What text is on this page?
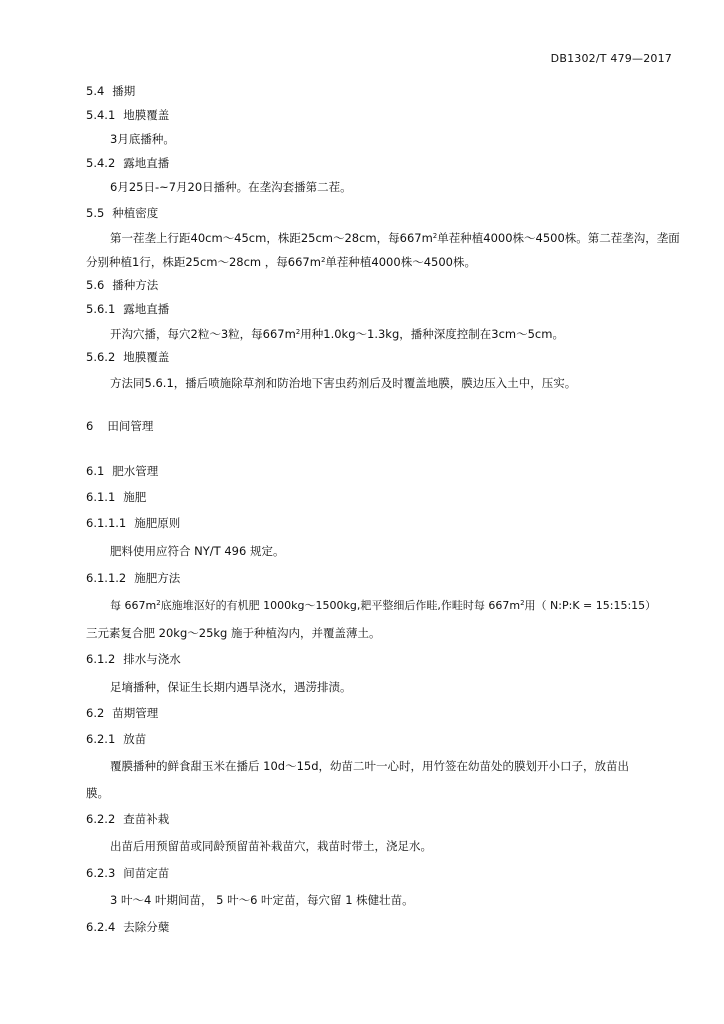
DB1302/T 479—2017
5.4 播期
5.4.1 地膜覆盖
3月底播种。
5.4.2 露地直播
6月25日-~7月20日播种。在垄沟套播第二茬。
5.5 种植密度
第一茬垄上行距40cm～45cm，株距25cm～28cm，每$667m^2$单茬种植4000株～4500株。第二茬垄沟，垄面
分别种植1行，株距25cm～28cm ，每$667m^2$单茬种植4000株～4500株。
5.6 播种方法
5.6.1 露地直播
开沟穴播，每穴2粒～3粒，每$667m^2$用种1.0kg～1.3kg，播种深度控制在3cm～5cm。
5.6.2 地膜覆盖
方法同5.6.1，播后喷施除草剂和防治地下害虫药剂后及时覆盖地膜，膜边压入土中，压实。
6 田间管理
6.1 肥水管理
6.1.1 施肥
6.1.1.1 施肥原则
肥料使用应符合 NY/T 496 规定。
6.1.1.2 施肥方法
每 $667m^2$底施堆沤好的有机肥 1000kg～1500kg,耙平整细后作畦,作畦时每 $667m^2$用（ N:P:K = 15:15:15）
三元素复合肥 20kg～25kg 施于种植沟内，并覆盖薄土。
6.1.2 排水与浇水
足墒播种，保证生长期内遇旱浇水，遇涝排渍。
6.2 苗期管理
6.2.1 放苗
覆膜播种的鲜食甜玉米在播后 10d～15d，幼苗二叶一心时，用竹签在幼苗处的膜划开小口子，放苗出
膜。
6.2.2 查苗补栽
出苗后用预留苗或同龄预留苗补栽苗穴，栽苗时带土，浇足水。
6.2.3 间苗定苗
3 叶～4 叶期间苗， 5 叶～6 叶定苗，每穴留 1 株健壮苗。
6.2.4 去除分蘖
